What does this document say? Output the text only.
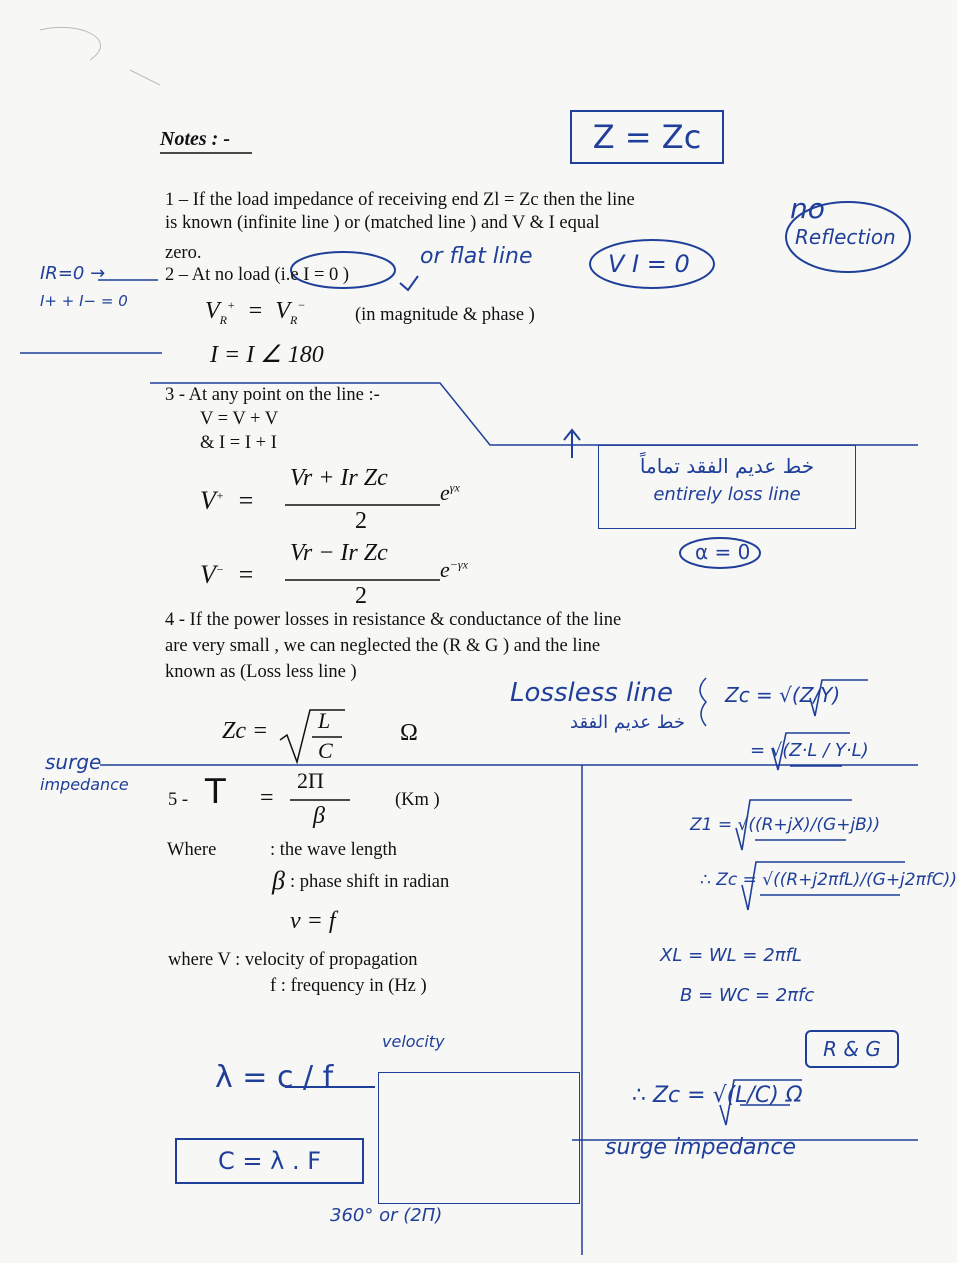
Notes : -	Z = Zc
1 – If the load impedance of receiving end Zl = Zc then the line
is known (infinite line ) or (matched line ) and V & I equal
zero.
no
Reflection
or flat line	V I = 0
2 – At no load (i.e I = 0 )
IR=0 →
I+ + I− = 0	$V_R^+ = V_R^-$	(in magnitude & phase )
I = I ∠ 180
3 - At any point on the line :-
V = V + V
& I = I + I
V+  =
Vr + Ir Zc
2
$e^{\gamma x}$
V−  =
Vr − Ir Zc
2
$e^{-\gamma x}$
خط عديم الفقد تماماً
entirely loss line
α = 0
4 - If the power losses in resistance & conductance of the line
are very small , we can neglected the (R & G ) and the line
known as (Loss less line )
Zc = L
C
Ω
Lossless line
خط عديم الفقد
Zc = √(Z/Y)
= √(Z·L / Y·L)
Z1 = √((R+jX)/(G+jB))
∴ Zc = √((R+j2πfL)/(G+j2πfC))
XL = WL = 2πfL
B = WC = 2πfc
R & G
∴ Zc = √(L/C) Ω
surge impedance
surge
impedance
5 - T =
2Π
β
(Km )
Where	: the wave length
β : phase shift in radian
v = f
where V : velocity of propagation
f : frequency in (Hz )
λ = c / f
velocity
C = λ . F
360° or (2Π)
